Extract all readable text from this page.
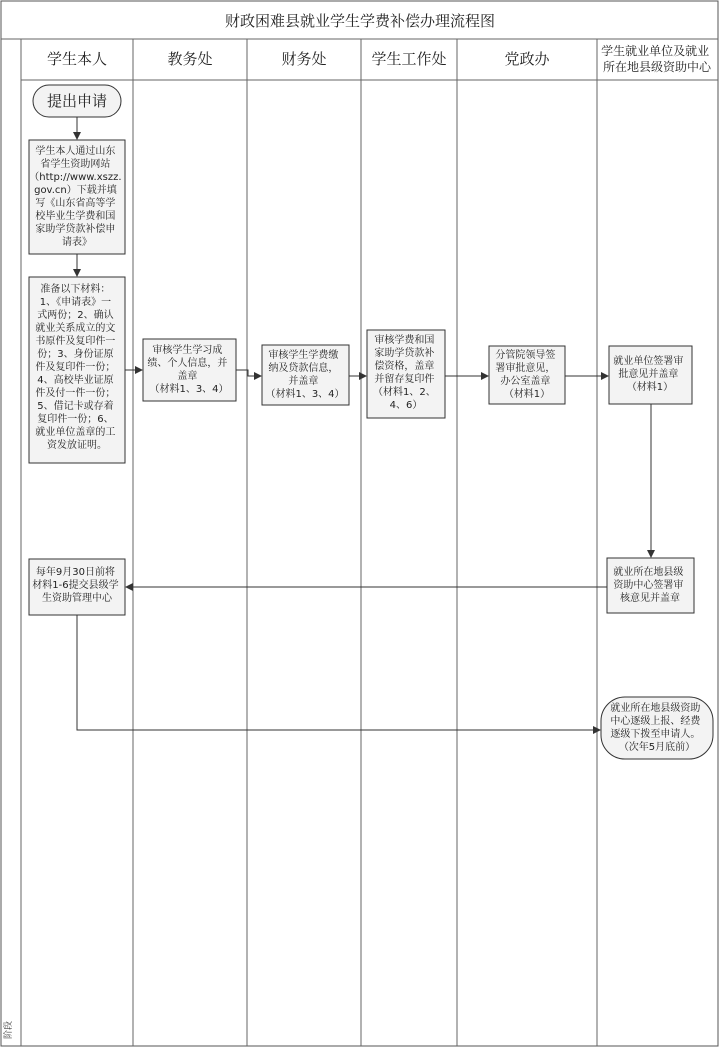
财政困难县就业学生学费补偿办理流程图
阶段
学生本人	教务处	财务处	学生工作处	党政办	学生就业单位及就业 所在地县级资助中心
提出申请
学生本人通过山东 省学生资助网站 （http://www.xszz. gov.cn）下载并填 写《山东省高等学 校毕业生学费和国 家助学贷款补偿申 请表》
准备以下材料： 1、《申请表》一 式两份；2、确认 就业关系成立的文 书原件及复印件一 份；3、身份证原 件及复印件一份； 4、高校毕业证原 件及付一件一份； 5、借记卡或存着 复印件一份；6、 就业单位盖章的工 资发放证明。
审核学生学习成 绩、个人信息，并 盖章 （材料1、3、4）
审核学生学费缴 纳及贷款信息， 并盖章 （材料1、3、4）
审核学费和国 家助学贷款补 偿资格，盖章 并留存复印件 （材料1、2、 4、6）
分管院领导签 署审批意见， 办公室盖章 （材料1）
就业单位签署审 批意见并盖章 （材料1）
就业所在地县级 资助中心签署审 核意见并盖章
每年9月30日前将 材料1-6提交县级学 生资助管理中心
就业所在地县级资助 中心逐级上报、经费 逐级下拨至申请人。 （次年5月底前）
